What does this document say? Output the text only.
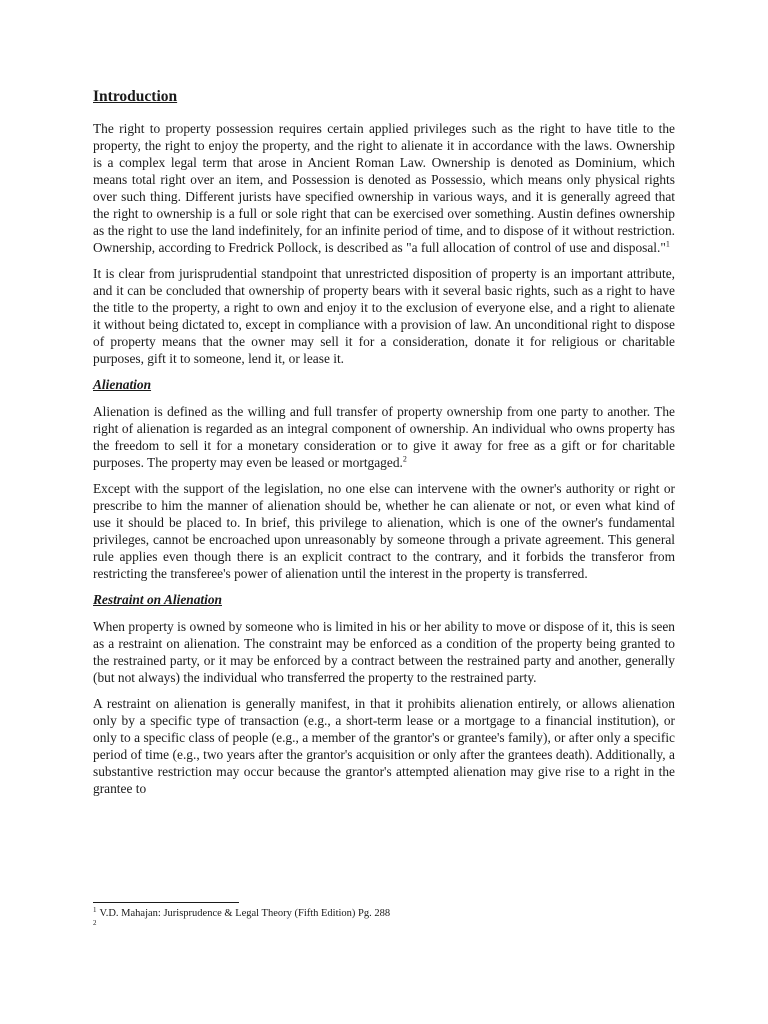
Introduction

The right to property possession requires certain applied privileges such as the right to have title to the property, the right to enjoy the property, and the right to alienate it in accordance with the laws. Ownership is a complex legal term that arose in Ancient Roman Law. Ownership is denoted as Dominium, which means total right over an item, and Possession is denoted as Possessio, which means only physical rights over such thing. Different jurists have specified ownership in various ways, and it is generally agreed that the right to ownership is a full or sole right that can be exercised over something. Austin defines ownership as the right to use the land indefinitely, for an infinite period of time, and to dispose of it without restriction. Ownership, according to Fredrick Pollock, is described as "a full allocation of control of use and disposal."$^1$

It is clear from jurisprudential standpoint that unrestricted disposition of property is an important attribute, and it can be concluded that ownership of property bears with it several basic rights, such as a right to have the title to the property, a right to own and enjoy it to the exclusion of everyone else, and a right to alienate it without being dictated to, except in compliance with a provision of law. An unconditional right to dispose of property means that the owner may sell it for a consideration, donate it for religious or charitable purposes, gift it to someone, lend it, or lease it.

Alienation

Alienation is defined as the willing and full transfer of property ownership from one party to another. The right of alienation is regarded as an integral component of ownership. An individual who owns property has the freedom to sell it for a monetary consideration or to give it away for free as a gift or for charitable purposes. The property may even be leased or mortgaged.$^2$

Except with the support of the legislation, no one else can intervene with the owner's authority or right or prescribe to him the manner of alienation should be, whether he can alienate or not, or even what kind of use it should be placed to. In brief, this privilege to alienation, which is one of the owner's fundamental privileges, cannot be encroached upon unreasonably by someone through a private agreement. This general rule applies even though there is an explicit contract to the contrary, and it forbids the transferor from restricting the transferee's power of alienation until the interest in the property is transferred.

Restraint on Alienation

When property is owned by someone who is limited in his or her ability to move or dispose of it, this is seen as a restraint on alienation. The constraint may be enforced as a condition of the property being granted to the restrained party, or it may be enforced by a contract between the restrained party and another, generally (but not always) the individual who transferred the property to the restrained party.

A restraint on alienation is generally manifest, in that it prohibits alienation entirely, or allows alienation only by a specific type of transaction (e.g., a short-term lease or a mortgage to a financial institution), or only to a specific class of people (e.g., a member of the grantor's or grantee's family), or after only a specific period of time (e.g., two years after the grantor's acquisition or only after the grantees death). Additionally, a substantive restriction may occur because the grantor's attempted alienation may give rise to a right in the grantee to

$^1$ V.D. Mahajan: Jurisprudence & Legal Theory (Fifth Edition) Pg. 288

$^2$
